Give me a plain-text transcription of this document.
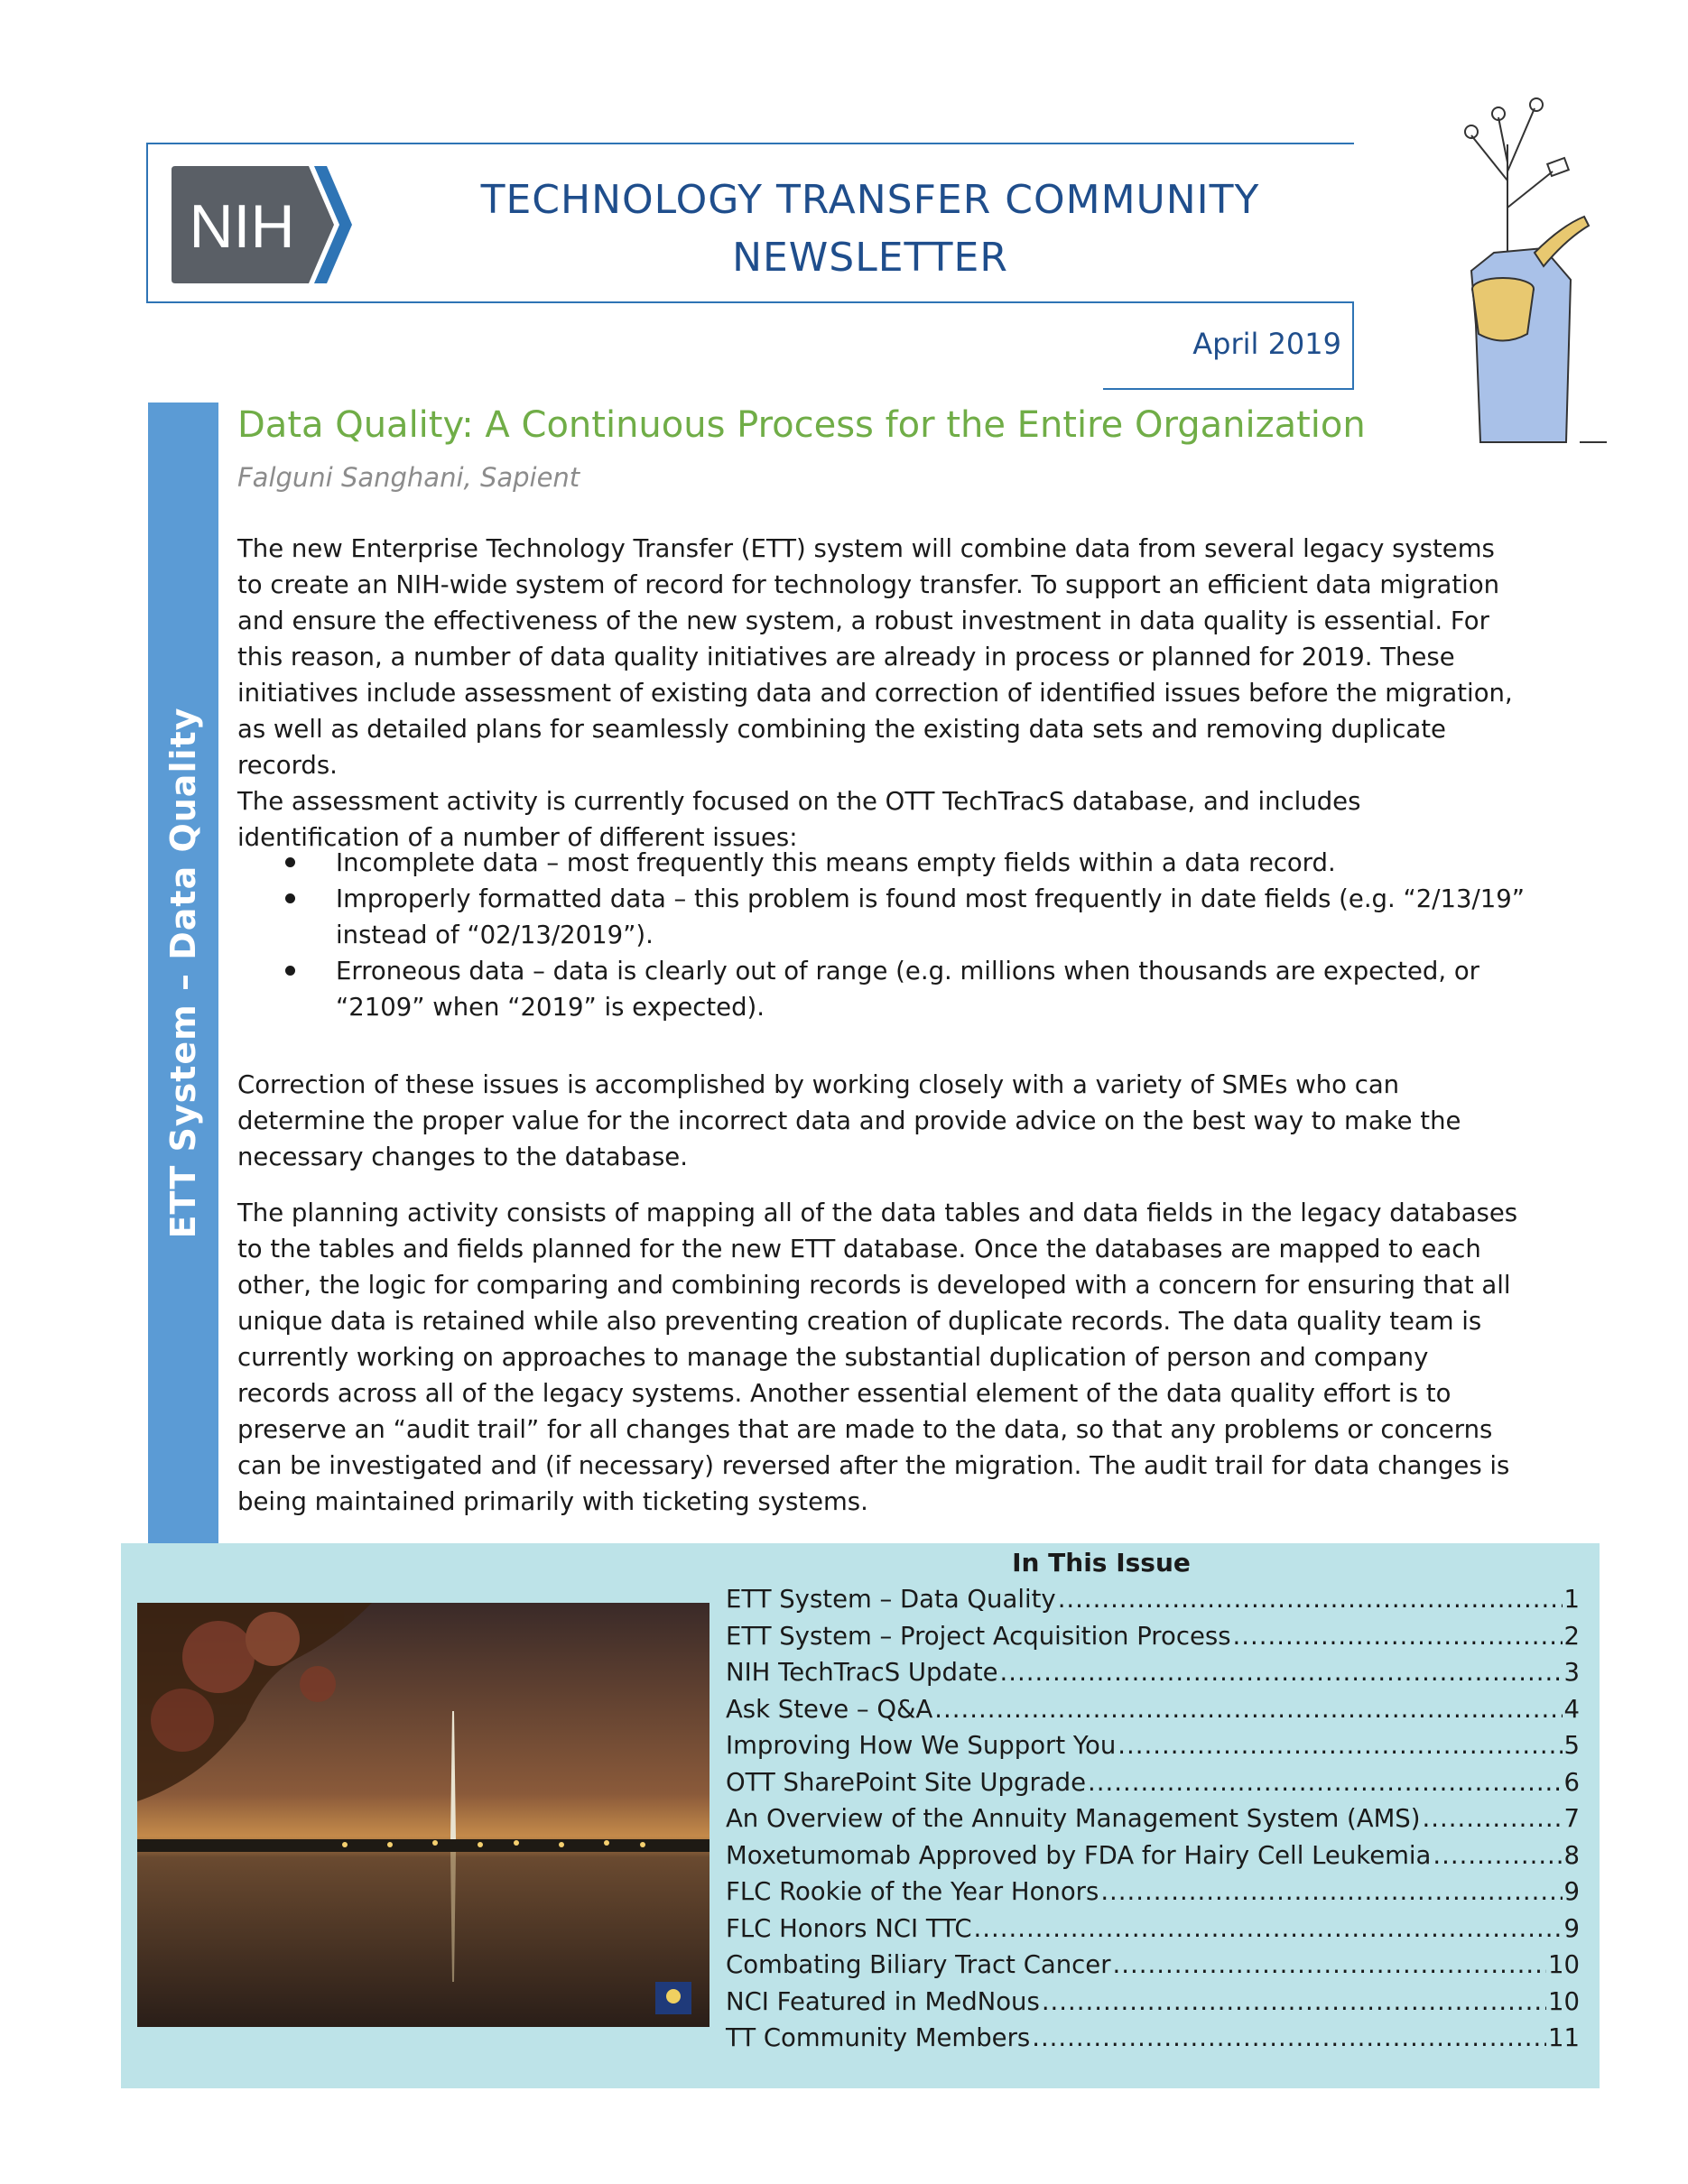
NIH	TECHNOLOGY TRANSFER COMMUNITY
NEWSLETTER
April 2019
ETT System – Data Quality
Data Quality: A Continuous Process for the Entire Organization
Falguni Sanghani, Sapient
The new Enterprise Technology Transfer (ETT) system will combine data from several legacy systems to create an NIH-wide system of record for technology transfer. To support an efficient data migration and ensure the effectiveness of the new system, a robust investment in data quality is essential. For this reason, a number of data quality initiatives are already in process or planned for 2019. These initiatives include assessment of existing data and correction of identified issues before the migration, as well as detailed plans for seamlessly combining the existing data sets and removing duplicate records.
The assessment activity is currently focused on the OTT TechTracS database, and includes identification of a number of different issues:
Incomplete data – most frequently this means empty fields within a data record.
Improperly formatted data – this problem is found most frequently in date fields (e.g. “2/13/19” instead of “02/13/2019”).
Erroneous data – data is clearly out of range (e.g. millions when thousands are expected, or “2109” when “2019” is expected).
Correction of these issues is accomplished by working closely with a variety of SMEs who can determine the proper value for the incorrect data and provide advice on the best way to make the necessary changes to the database.
The planning activity consists of mapping all of the data tables and data fields in the legacy databases to the tables and fields planned for the new ETT database. Once the databases are mapped to each other, the logic for comparing and combining records is developed with a concern for ensuring that all unique data is retained while also preventing creation of duplicate records. The data quality team is currently working on approaches to manage the substantial duplication of person and company records across all of the legacy systems. Another essential element of the data quality effort is to preserve an “audit trail” for all changes that are made to the data, so that any problems or concerns can be investigated and (if necessary) reversed after the migration. The audit trail for data changes is being maintained primarily with ticketing systems.
In This Issue
ETT System – Data Quality .....	1
ETT System – Project Acquisition Process .....	2
NIH TechTracS Update .....	3
Ask Steve – Q&A .....	4
Improving How We Support You .....	5
OTT SharePoint Site Upgrade .....	6
An Overview of the Annuity Management System (AMS) .....	7
Moxetumomab Approved by FDA for Hairy Cell Leukemia .....	8
FLC Rookie of the Year Honors .....	9
FLC Honors NCI TTC .....	9
Combating Biliary Tract Cancer .....	10
NCI Featured in MedNous .....	10
TT Community Members .....	11
